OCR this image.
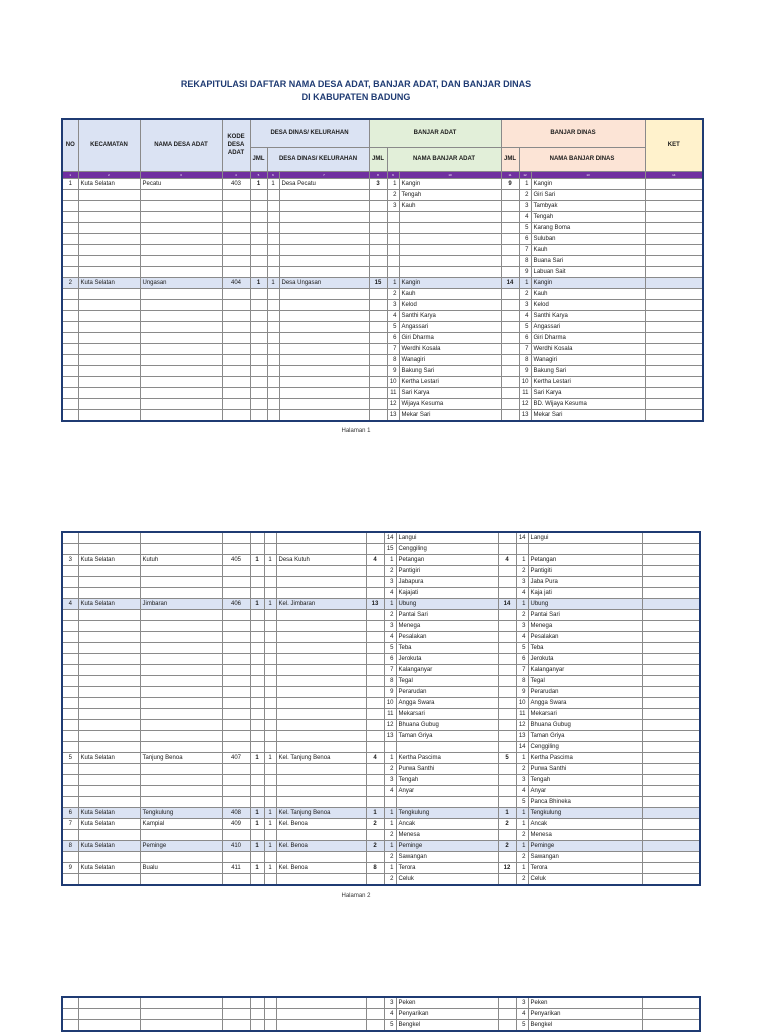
REKAPITULASI DAFTAR NAMA DESA ADAT, BANJAR ADAT, DAN BANJAR DINAS
DI KABUPATEN BADUNG
NO	KECAMATAN	NAMA DESA ADAT	KODE DESA ADAT	DESA DINAS/ KELURAHAN			BANJAR ADAT			BANJAR DINAS			KET
				JML	DESA DINAS/ KELURAHAN		JML	NAMA BANJAR ADAT		JML	NAMA BANJAR DINAS		
1	2	3	4	5	6	7	8	9	10	11	12	13	14
1	Kuta Selatan	Pecatu	403	1	1	Desa Pecatu	3	1	Kangin	9	1	Kangin	
								2	Tengah		2	Giri Sari	
								3	Kauh		3	Tambyak	
											4	Tengah	
											5	Karang Boma	
											6	Suluban	
											7	Kauh	
											8	Buana Sari	
											9	Labuan Sait	
2	Kuta Selatan	Ungasan	404	1	1	Desa Ungasan	15	1	Kangin	14	1	Kangin	
								2	Kauh		2	Kauh	
								3	Kelod		3	Kelod	
								4	Santhi Karya		4	Santhi Karya	
								5	Angassari		5	Angassari	
								6	Giri Dharma		6	Giri Dharma	
								7	Werdhi Kosala		7	Werdhi Kosala	
								8	Wanagiri		8	Wanagiri	
								9	Bakung Sari		9	Bakung Sari	
								10	Kertha Lestari		10	Kertha Lestari	
								11	Sari Karya		11	Sari Karya	
								12	Wijaya Kesuma		12	BD. Wijaya Kesuma	
								13	Mekar Sari		13	Mekar Sari	
Halaman 1
								14	Langui		14	Langui	
								15	Cenggiling				
3	Kuta Selatan	Kutuh	405	1	1	Desa Kutuh	4	1	Petangan	4	1	Petangan	
								2	Pantigiri		2	Pantigiti	
								3	Jabapura		3	Jaba Pura	
								4	Kajajati		4	Kaja jati	
4	Kuta Selatan	Jimbaran	406	1	1	Kel. Jimbaran	13	1	Ubung	14	1	Ubung	
								2	Pantai Sari		2	Pantai Sari	
								3	Menega		3	Menega	
								4	Pesalakan		4	Pesalakan	
								5	Teba		5	Teba	
								6	Jerokuta		6	Jerokuta	
								7	Kalanganyar		7	Kalanganyar	
								8	Tegal		8	Tegal	
								9	Perarudan		9	Perarudan	
								10	Angga Swara		10	Angga Swara	
								11	Mekarsari		11	Mekarsari	
								12	Bhuana Gubug		12	Bhuana Gubug	
								13	Taman Griya		13	Taman Griya	
											14	Cenggiling	
5	Kuta Selatan	Tanjung Benoa	407	1	1	Kel. Tanjung Benoa	4	1	Kertha Pascima	5	1	Kertha Pascima	
								2	Purwa Santhi		2	Purwa Santhi	
								3	Tengah		3	Tengah	
								4	Anyar		4	Anyar	
											5	Panca Bhineka	
6	Kuta Selatan	Tengkulung	408	1	1	Kel. Tanjung Benoa	1	1	Tengkulung	1	1	Tengkulung	
7	Kuta Selatan	Kampial	409	1	1	Kel. Benoa	2	1	Ancak	2	1	Ancak	
								2	Menesa		2	Menesa	
8	Kuta Selatan	Peminge	410	1	1	Kel. Benoa	2	1	Peminge	2	1	Peminge	
								2	Sawangan		2	Sawangan	
9	Kuta Selatan	Bualu	411	1	1	Kel. Benoa	8	1	Terora	12	1	Terora	
								2	Celuk		2	Celuk	
Halaman 2
								3	Peken		3	Peken	
								4	Penyarikan		4	Penyarikan	
								5	Bengkel		5	Bengkel	
